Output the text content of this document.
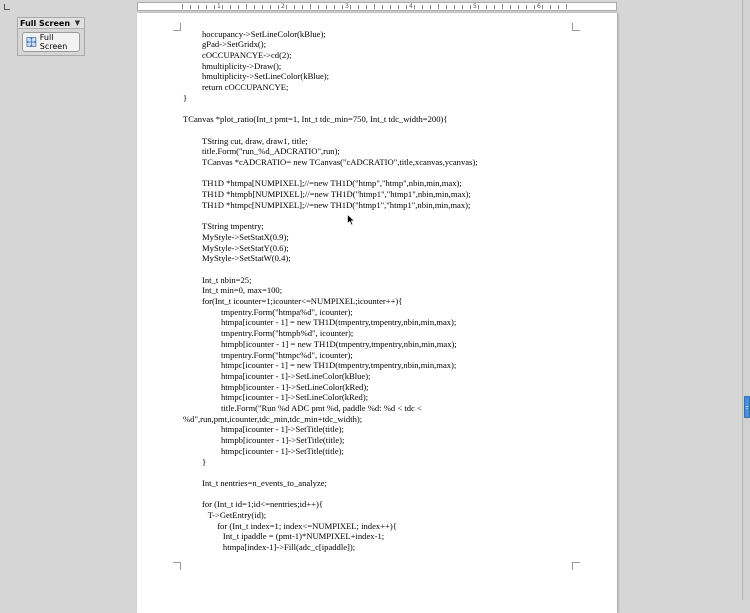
1	2	3	4	5	6
Full Screen ▼
Full Screen
hoccupancy->SetLineColor(kBlue);
gPad->SetGridx();
cOCCUPANCYE->cd(2);
hmultiplicity->Draw();
hmultiplicity->SetLineColor(kBlue);
return cOCCUPANCYE;
}
TCanvas *plot_ratio(Int_t pmt=1, Int_t tdc_min=750, Int_t tdc_width=200){
TString cut, draw, draw1, title;
title.Form("run_%d_ADCRATIO",run);
TCanvas *cADCRATIO= new TCanvas("cADCRATIO",title,xcanvas,ycanvas);
TH1D *htmpa[NUMPIXEL];//=new TH1D("htmp","htmp",nbin,min,max);
TH1D *htmpb[NUMPIXEL];//=new TH1D("htmp1","htmp1",nbin,min,max);
TH1D *htmpc[NUMPIXEL];//=new TH1D("htmp1","htmp1",nbin,min,max);
TString tmpentry;
MyStyle->SetStatX(0.9);
MyStyle->SetStatY(0.6);
MyStyle->SetStatW(0.4);
Int_t nbin=25;
Int_t min=0, max=100;
for(Int_t icounter=1;icounter<=NUMPIXEL;icounter++){
tmpentry.Form("htmpa%d", icounter);
htmpa[icounter - 1] = new TH1D(tmpentry,tmpentry,nbin,min,max);
tmpentry.Form("htmpb%d", icounter);
htmpb[icounter - 1] = new TH1D(tmpentry,tmpentry,nbin,min,max);
tmpentry.Form("htmpc%d", icounter);
htmpc[icounter - 1] = new TH1D(tmpentry,tmpentry,nbin,min,max);
htmpa[icounter - 1]->SetLineColor(kBlue);
htmpb[icounter - 1]->SetLineColor(kRed);
htmpc[icounter - 1]->SetLineColor(kRed);
title.Form("Run %d ADC pmt %d, paddle %d: %d < tdc <
%d",run,pmt,icounter,tdc_min,tdc_min+tdc_width);
htmpa[icounter - 1]->SetTitle(title);
htmpb[icounter - 1]->SetTitle(title);
htmpc[icounter - 1]->SetTitle(title);
}
Int_t nentries=n_events_to_analyze;
for (Int_t id=1;id<=nentries;id++){
T->GetEntry(id);
for (Int_t index=1; index<=NUMPIXEL; index++){
Int_t ipaddle = (pmt-1)*NUMPIXEL+index-1;
htmpa[index-1]->Fill(adc_c[ipaddle]);
